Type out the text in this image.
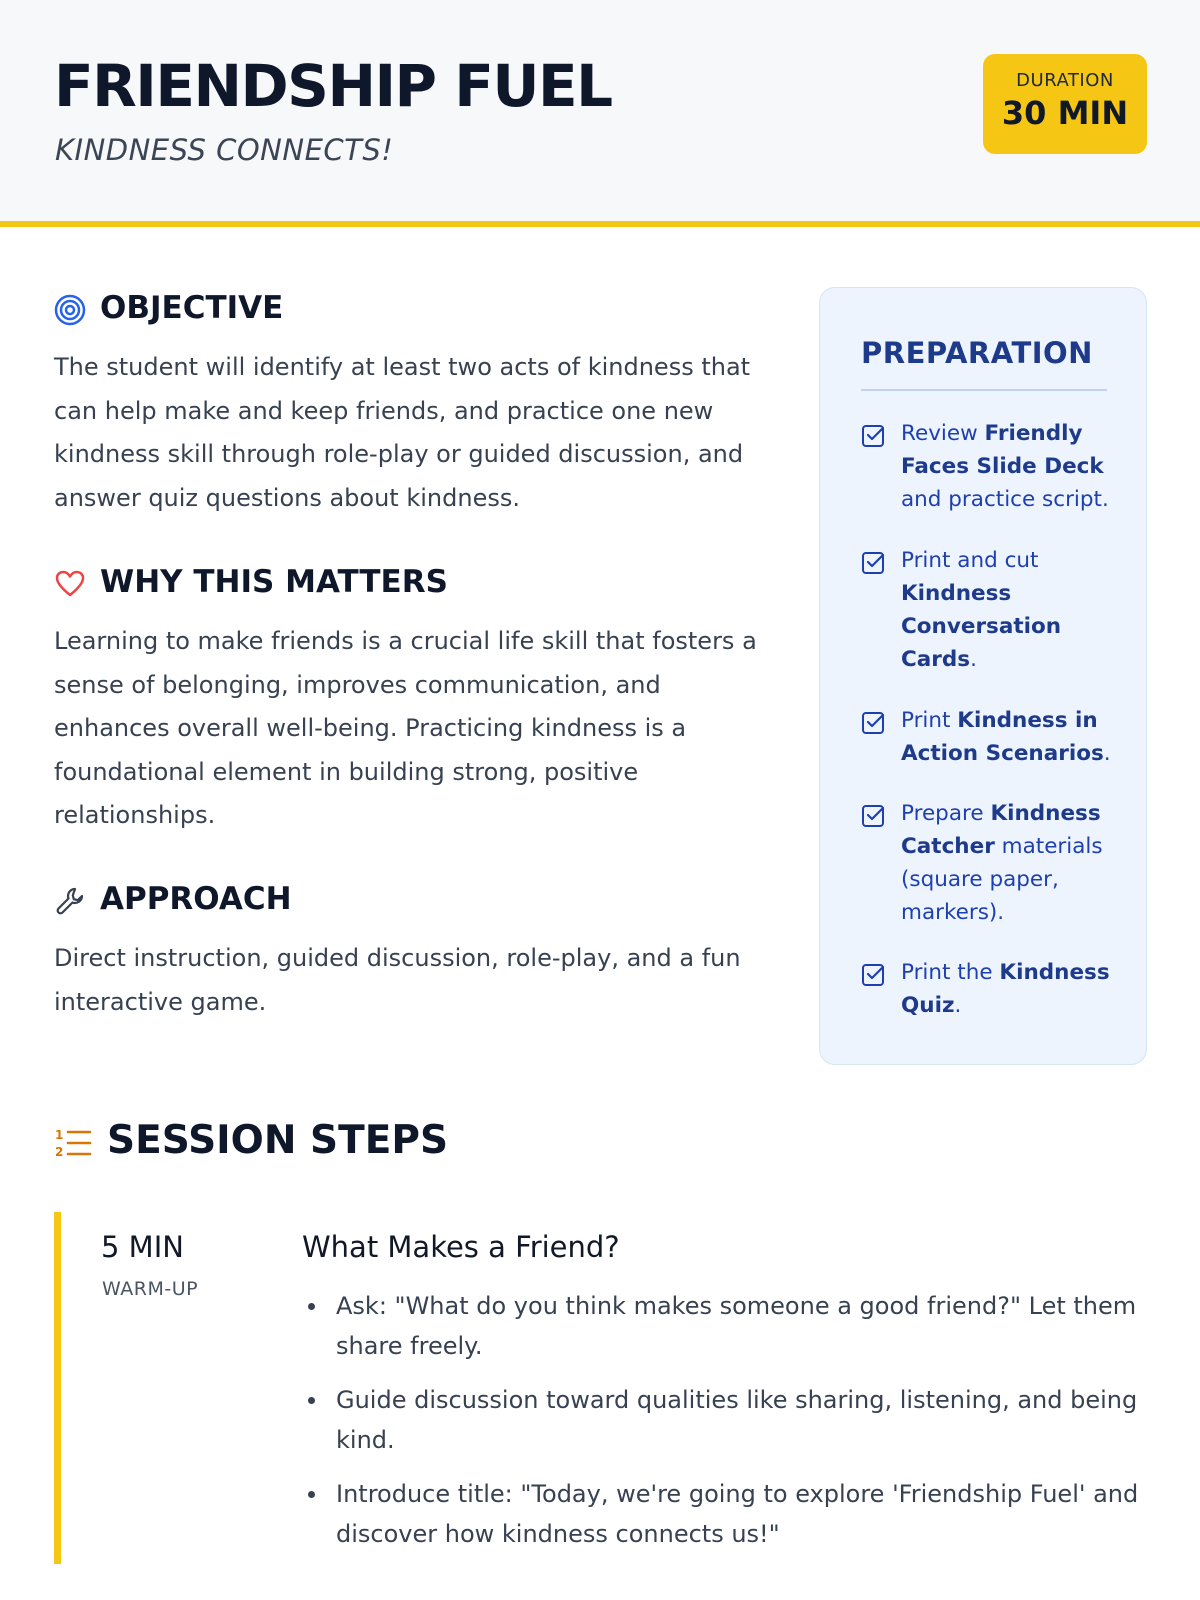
FRIENDSHIP FUEL
KINDNESS CONNECTS!
DURATION
30 MIN
OBJECTIVE
The student will identify at least two acts of kindness that can help make and keep friends, and practice one new kindness skill through role-play or guided discussion, and answer quiz questions about kindness.
WHY THIS MATTERS
Learning to make friends is a crucial life skill that fosters a sense of belonging, improves communication, and enhances overall well-being. Practicing kindness is a foundational element in building strong, positive relationships.
APPROACH
Direct instruction, guided discussion, role-play, and a fun interactive game.
PREPARATION
Review Friendly Faces Slide Deck and practice script.
Print and cut Kindness Conversation Cards.
Print Kindness in Action Scenarios.
Prepare Kindness Catcher materials (square paper, markers).
Print the Kindness Quiz.
1
2 SESSION STEPS
5 MIN
WARM-UP
What Makes a Friend?
Ask: "What do you think makes someone a good friend?" Let them share freely.
Guide discussion toward qualities like sharing, listening, and being kind.
Introduce title: "Today, we're going to explore 'Friendship Fuel' and discover how kindness connects us!"
